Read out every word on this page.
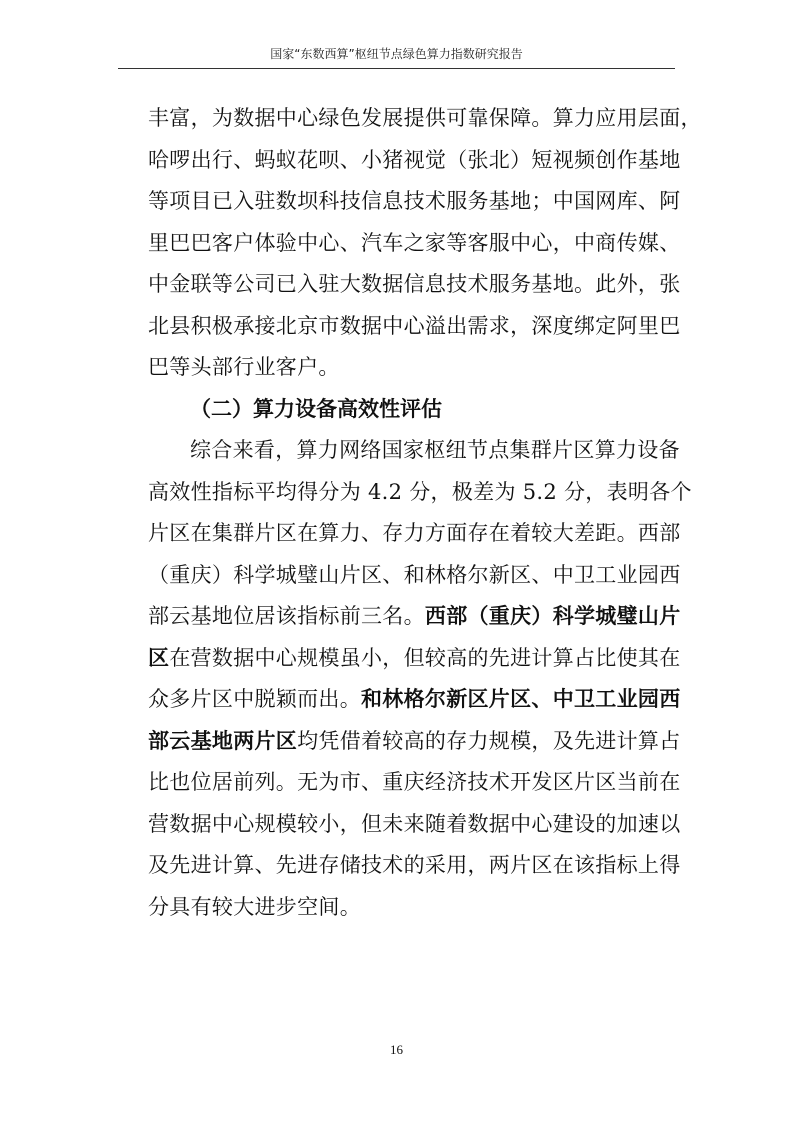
国家“东数西算”枢纽节点绿色算力指数研究报告
丰富，为数据中心绿色发展提供可靠保障。算力应用层面，
哈啰出行、蚂蚁花呗、小猪视觉（张北）短视频创作基地
等项目已入驻数坝科技信息技术服务基地；中国网库、阿
里巴巴客户体验中心、汽车之家等客服中心，中商传媒、
中金联等公司已入驻大数据信息技术服务基地。此外，张
北县积极承接北京市数据中心溢出需求，深度绑定阿里巴
巴等头部行业客户。
（二）算力设备高效性评估
综合来看，算力网络国家枢纽节点集群片区算力设备
高效性指标平均得分为 4.2 分，极差为 5.2 分，表明各个
片区在集群片区在算力、存力方面存在着较大差距。西部
（重庆）科学城璧山片区、和林格尔新区、中卫工业园西
部云基地位居该指标前三名。西部（重庆）科学城璧山片
区在营数据中心规模虽小，但较高的先进计算占比使其在
众多片区中脱颖而出。和林格尔新区片区、中卫工业园西
部云基地两片区均凭借着较高的存力规模，及先进计算占
比也位居前列。无为市、重庆经济技术开发区片区当前在
营数据中心规模较小，但未来随着数据中心建设的加速以
及先进计算、先进存储技术的采用，两片区在该指标上得
分具有较大进步空间。
16
